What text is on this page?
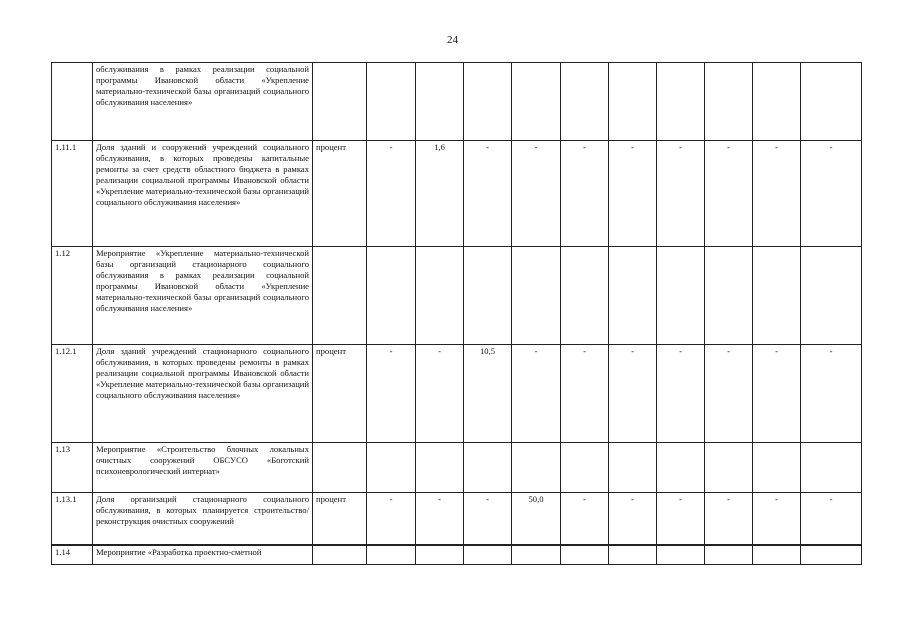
24
	обслуживания в рамках реализации социальной программы Ивановской области «Укрепление материально-технической базы организаций социального обслуживания населения»												
1.11.1	Доля зданий и сооружений учреждений социального обслуживания, в которых проведены капитальные ремонты за счет средств областного бюджета в рамках реализации социальной программы Ивановской области «Укрепление материально-технической базы организаций социального обслуживания населения»	процент	-	1,6	-	-	-	-	-	-	-	-	
1.12	Мероприятие «Укрепление материально-технической базы организаций стационарного социального обслуживания в рамках реализации социальной программы Ивановской области «Укрепление материально-технической базы организаций социального обслуживания населения»												
1.12.1	Доля зданий учреждений стационарного социального обслуживания, в которых проведены ремонты в рамках реализации социальной программы Ивановской области «Укрепление материально-технической базы организаций социального обслуживания населения»	процент	-	-	10,5	-	-	-	-	-	-	-	
1.13	Мероприятие «Строительство блочных локальных очистных сооружений ОБСУСО «Боготский психоневрологический интернат»												
1.13.1	Доля организаций стационарного социального обслуживания, в которых планируется строительство/реконструкция очистных сооружений	процент	-	-	-	50,0	-	-	-	-	-	-	
1.14	Мероприятие «Разработка проектно-сметной												
